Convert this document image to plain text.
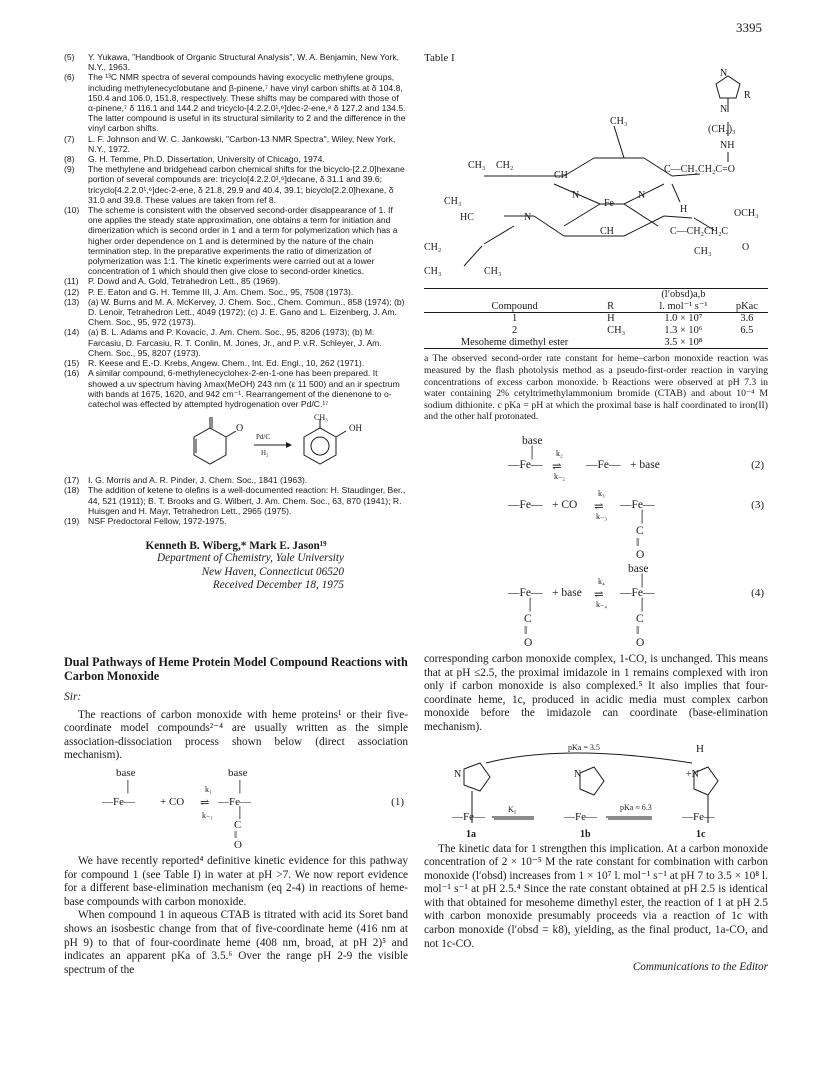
3395
(5)	Y. Yukawa, "Handbook of Organic Structural Analysis", W. A. Benjamin, New York, N.Y., 1963.
(6)	The ¹³C NMR spectra of several compounds having exocyclic methylene groups, including methylenecyclobutane and β-pinene,⁷ have vinyl carbon shifts at δ 104.8, 150.4 and 106.0, 151.8, respectively. These shifts may be compared with those of α-pinene,⁷ δ 116.1 and 144.2 and tricyclo-[4.2.2.0¹,⁶]dec-2-ene,⁸ δ 127.2 and 134.5. The latter compound is useful in its structural similarity to 2 and the difference in the vinyl carbon shifts.
(7)	L. F. Johnson and W. C. Jankowski, "Carbon-13 NMR Spectra", Wiley, New York, N.Y., 1972.
(8)	G. H. Temme, Ph.D. Dissertation, University of Chicago, 1974.
(9)	The methylene and bridgehead carbon chemical shifts for the bicyclo-[2.2.0]hexane portion of several compounds are: tricyclo[4.2.2.0¹,⁶]decane, δ 31.1 and 39.6; tricyclo[4.2.2.0¹,⁶]dec-2-ene, δ 21.8, 29.9 and 40.4, 39.1; bicyclo[2.2.0]hexane, δ 31.0 and 39.8. These values are taken from ref 8.
(10)	The scheme is consistent with the observed second-order disappearance of 1. If one applies the steady state approximation, one obtains a term for initiation and dimerization which is second order in 1 and a term for polymerization which has a higher order dependence on 1 and is determined by the nature of the chain termination step. In the preparative experiments the ratio of dimerization of polymerization was 1:1. The kinetic experiments were carried out at a lower concentration of 1 which should then give close to second-order kinetics.
(11)	P. Dowd and A. Gold, Tetrahedron Lett., 85 (1969).
(12)	P. E. Eaton and G. H. Temme III, J. Am. Chem. Soc., 95, 7508 (1973).
(13)	(a) W. Burns and M. A. McKervey, J. Chem. Soc., Chem. Commun., 858 (1974); (b) D. Lenoir, Tetrahedron Lett., 4049 (1972); (c) J. E. Gano and L. Eizenberg, J. Am. Chem. Soc., 95, 972 (1973).
(14)	(a) B. L. Adams and P. Kovacic, J. Am. Chem. Soc., 95, 8206 (1973); (b) M. Farcasiu, D. Farcasiu, R. T. Conlin, M. Jones, Jr., and P. v.R. Schleyer, J. Am. Chem. Soc., 95, 8207 (1973).
(15)	R. Keese and E.-D. Krebs, Angew. Chem., Int. Ed. Engl., 10, 262 (1971).
(16)	A similar compound, 6-methylenecyclohex-2-en-1-one has been prepared. It showed a uv spectrum having λmax(MeOH) 243 nm (ε 11 500) and an ir spectrum with bands at 1675, 1620, and 942 cm⁻¹. Rearrangement of the dienenone to o-catechol was effected by attempted hydrogenation over Pd/C.¹⁷
O
CH₃
OH
Pd/C
H₂
(17)	I. G. Morris and A. R. Pinder, J. Chem. Soc., 1841 (1963).
(18)	The addition of ketene to olefins is a well-documented reaction: H. Staudinger, Ber., 44, 521 (1911); B. T. Brooks and G. Wilbert, J. Am. Chem. Soc., 63, 870 (1941); R. Huisgen and H. Mayr, Tetrahedron Lett., 2965 (1975).
(19)	NSF Predoctoral Fellow, 1972-1975.
Kenneth B. Wiberg,* Mark E. Jason¹⁹
Department of Chemistry, Yale University
New Haven, Connecticut 06520
Received December 18, 1975
Dual Pathways of Heme Protein Model Compound Reactions with Carbon Monoxide
Sir:

The reactions of carbon monoxide with heme proteins¹ or their five-coordinate model compounds²⁻⁴ are usually written as the simple association-dissociation process shown below (direct association mechanism).

base
│
—Fe— + CO
k₁
⇌
k₋₁
base
│
—Fe—
│
C
‖
O
(1)

We have recently reported⁴ definitive kinetic evidence for this pathway for compound 1 (see Table I) in water at pH >7. We now report evidence for a different base-elimination mechanism (eq 2-4) in reactions of heme-base compounds with carbon monoxide.

When compound 1 in aqueous CTAB is titrated with acid its Soret band shows an isosbestic change from that of five-coordinate heme (416 nm at pH 9) to that of four-coordinate heme (408 nm, broad, at pH 2)⁵ and indicates an apparent pKa of 3.5.⁶ Over the range pH 2-9 the visible spectrum of the

Table I
N
R
N
(CH₂)₃
NH
CH₃
CH₃ CH₂
CH
N
Fe
N
C—CH₂CH₂C=O
H
CH₃
HC	N
CH	C—CH₂CH₂C
OCH₃
O
CH₂
CH₃	CH₃
CH₃
		(l′obsd)a,b	
Compound	R	l. mol⁻¹ s⁻¹	pKac
1	H	1.0 × 10⁷	3.6
2	CH₃	1.3 × 10⁶	6.5
Mesoheme dimethyl ester		3.5 × 10⁸	
a The observed second-order rate constant for heme–carbon monoxide reaction was measured by the flash photolysis method as a pseudo-first-order reaction in varying concentrations of excess carbon monoxide. b Reactions were observed at pH 7.3 in water containing 2% cetyltrimethylammonium bromide (CTAB) and about 10⁻⁴ M sodium dithionite. c pKa = pH at which the proximal base is half coordinated to iron(II) and the other half protonated.
base
│
—Fe—
k₂
⇌
k₋₂
—Fe— + base	(2)
—Fe— + CO
k₃
⇌
k₋₃
—Fe—
│
C
‖
O
(3)
base
│
—Fe— + base
k₄
⇌
k₋₄
—Fe—
│
C
‖
O
│
C
‖
O
(4)

corresponding carbon monoxide complex, 1-CO, is unchanged. This means that at pH ≤2.5, the proximal imidazole in 1 remains complexed with iron only if carbon monoxide is also complexed.⁵ It also implies that four-coordinate heme, 1c, produced in acidic media must complex carbon monoxide before the imidazole can coordinate (base-elimination mechanism).

pKa = 3.5	H
N	N	+N
K₅	pKa ≈ 6.3
—Fe—	—Fe—	—Fe—
1a	1b	1c

The kinetic data for 1 strengthen this implication. At a carbon monoxide concentration of 2 × 10⁻⁵ M the rate constant for combination with carbon monoxide (l′obsd) increases from 1 × 10⁷ l. mol⁻¹ s⁻¹ at pH 7 to 3.5 × 10⁸ l. mol⁻¹ s⁻¹ at pH 2.5.⁴ Since the rate constant obtained at pH 2.5 is identical with that obtained for mesoheme dimethyl ester, the reaction of 1 at pH 2.5 with carbon monoxide presumably proceeds via a reaction of 1c with carbon monoxide (l′obsd = k8), yielding, as the final product, 1a-CO, and not 1c-CO.

Communications to the Editor
